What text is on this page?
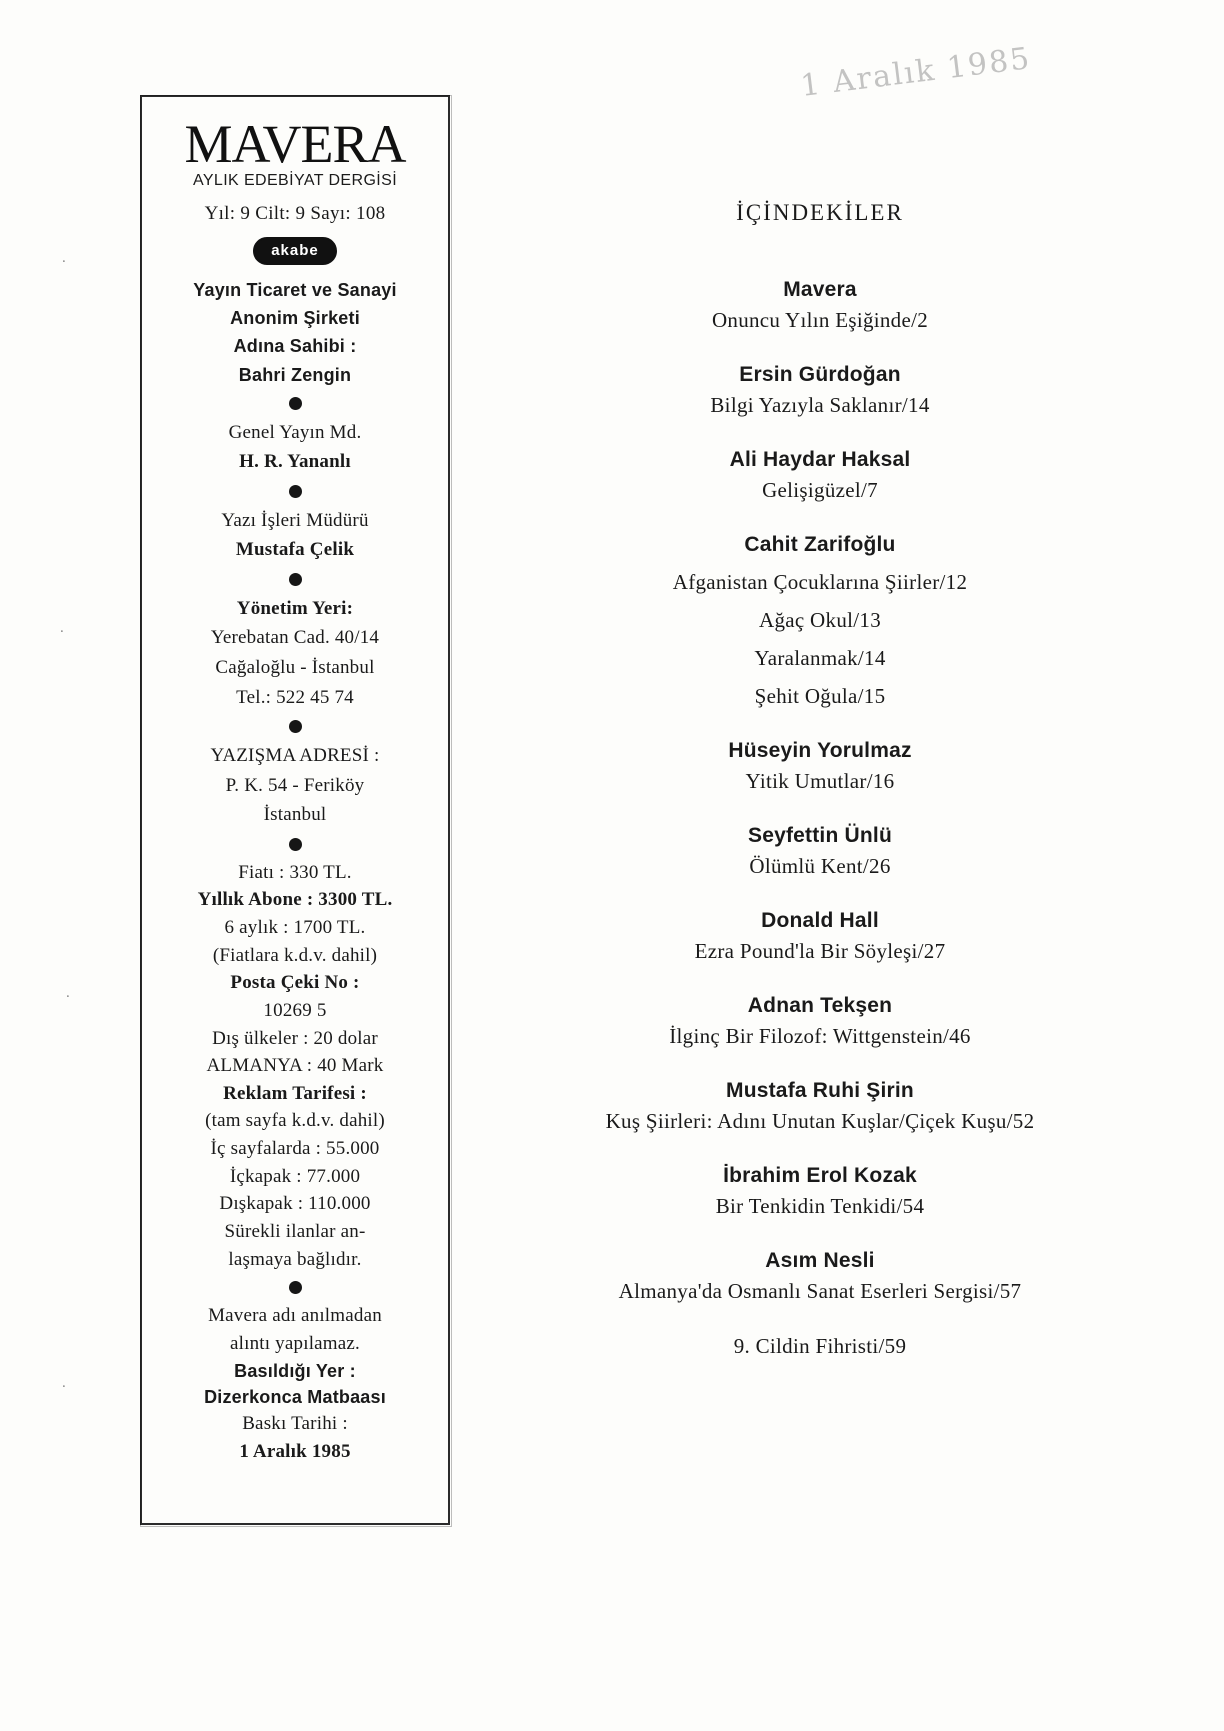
1 Aralık 1985
MAVERA
AYLIK EDEBİYAT DERGİSİ
Yıl: 9 Cilt: 9 Sayı: 108
akabe
Yayın Ticaret ve Sanayi
Anonim Şirketi
Adına Sahibi :
Bahri Zengin
Genel Yayın Md.
H. R. Yananlı
Yazı İşleri Müdürü
Mustafa Çelik
Yönetim Yeri:
Yerebatan Cad. 40/14
Cağaloğlu - İstanbul
Tel.: 522 45 74
YAZIŞMA ADRESİ :
P. K. 54 - Feriköy
İstanbul
Fiatı : 330 TL.
Yıllık Abone : 3300 TL.
6 aylık : 1700 TL.
(Fiatlara k.d.v. dahil)
Posta Çeki No :
10269 5
Dış ülkeler : 20 dolar
ALMANYA : 40 Mark
Reklam Tarifesi :
(tam sayfa k.d.v. dahil)
İç sayfalarda : 55.000
İçkapak : 77.000
Dışkapak : 110.000
Sürekli ilanlar an-
laşmaya bağlıdır.
Mavera adı anılmadan
alıntı yapılamaz.
Basıldığı Yer :
Dizerkonca Matbaası
Baskı Tarihi :
1 Aralık 1985
İÇİNDEKİLER
Mavera
Onuncu Yılın Eşiğinde/2
Ersin Gürdoğan
Bilgi Yazıyla Saklanır/14
Ali Haydar Haksal
Gelişigüzel/7
Cahit Zarifoğlu
Afganistan Çocuklarına Şiirler/12
Ağaç Okul/13
Yaralanmak/14
Şehit Oğula/15
Hüseyin Yorulmaz
Yitik Umutlar/16
Seyfettin Ünlü
Ölümlü Kent/26
Donald Hall
Ezra Pound'la Bir Söyleşi/27
Adnan Tekşen
İlginç Bir Filozof: Wittgenstein/46
Mustafa Ruhi Şirin
Kuş Şiirleri: Adını Unutan Kuşlar/Çiçek Kuşu/52
İbrahim Erol Kozak
Bir Tenkidin Tenkidi/54
Asım Nesli
Almanya'da Osmanlı Sanat Eserleri Sergisi/57
9. Cildin Fihristi/59
.
.
.
.
